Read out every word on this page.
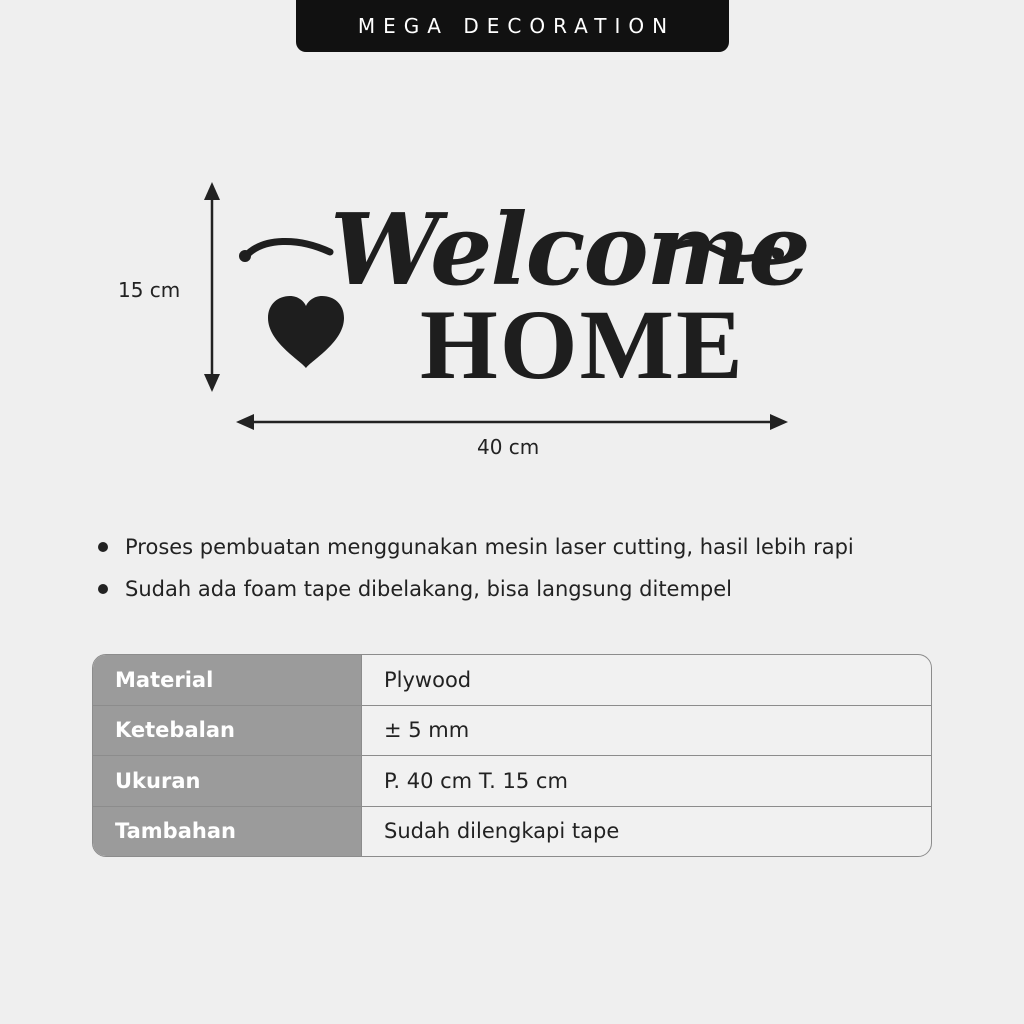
MEGA DECORATION
15 cm
40 cm
Welcome
HOME
Proses pembuatan menggunakan mesin laser cutting, hasil lebih rapi
Sudah ada foam tape dibelakang, bisa langsung ditempel
Material	Plywood
Ketebalan	± 5 mm
Ukuran	P. 40 cm T. 15 cm
Tambahan	Sudah dilengkapi tape
